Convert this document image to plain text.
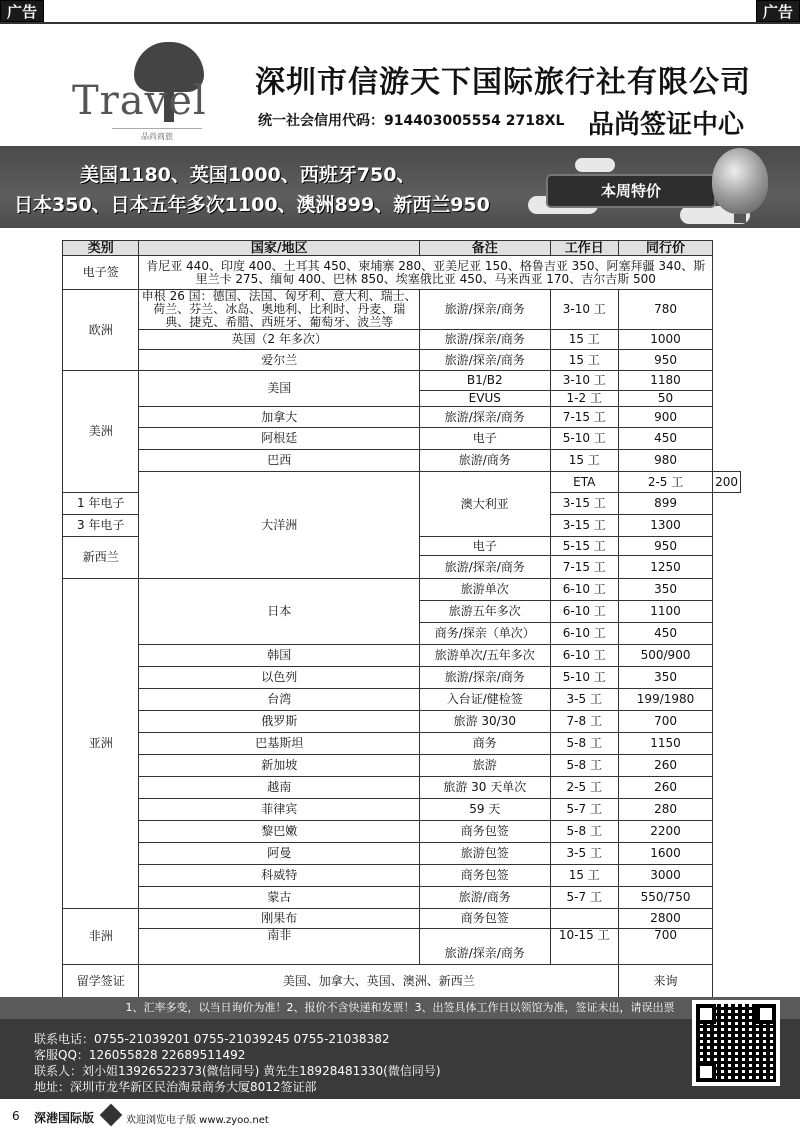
广告	广告
Travel
品尚商旅
深圳市信游天下国际旅行社有限公司
统一社会信用代码：914403005554 2718XL 品尚签证中心
美国1180、英国1000、西班牙750、
日本350、日本五年多次1100、澳洲899、新西兰950
本周特价
类别	国家/地区	备注	工作日	同行价	
电子签	肯尼亚 440、印度 400、土耳其 450、柬埔寨 280、亚美尼亚 150、格鲁吉亚 350、阿塞拜疆 340、斯里兰卡 275、缅甸 400、巴林 850、埃塞俄比亚 450、马来西亚 170、吉尔吉斯 500				
欧洲	申根 26 国：德国、法国、匈牙利、意大利、瑞士、荷兰、芬兰、冰岛、奥地利、比利时、丹麦、瑞典、捷克、希腊、西班牙、葡萄牙、波兰等	旅游/探亲/商务	3-10 工	780	
	英国（2 年多次）	旅游/探亲/商务	15 工	1000	
	爱尔兰	旅游/探亲/商务	15 工	950	
美洲	美国	B1/B2	3-10 工	1180	
		EVUS	1-2 工	50	
	加拿大	旅游/探亲/商务	7-15 工	900	
	阿根廷	电子	5-10 工	450	
	巴西	旅游/商务	15 工	980	
	大洋洲	澳大利亚	ETA	2-5 工	200
1 年电子			3-15 工	899	
3 年电子			3-15 工	1300	
新西兰		电子	5-15 工	950	
		旅游/探亲/商务	7-15 工	1250	
亚洲	日本	旅游单次	6-10 工	350	
		旅游五年多次	6-10 工	1100	
		商务/探亲（单次）	6-10 工	450	
	韩国	旅游单次/五年多次	6-10 工	500/900	
	以色列	旅游/探亲/商务	5-10 工	350	
	台湾	入台证/健检签	3-5 工	199/1980	
	俄罗斯	旅游 30/30	7-8 工	700	
	巴基斯坦	商务	5-8 工	1150	
	新加坡	旅游	5-8 工	260	
	越南	旅游 30 天单次	2-5 工	260	
	菲律宾	59 天	5-7 工	280	
	黎巴嫩	商务包签	5-8 工	2200	
	阿曼	旅游包签	3-5 工	1600	
	科威特	商务包签	15 工	3000	
	蒙古	旅游/商务	5-7 工	550/750	
非洲	刚果布	商务包签		2800	
	南非	旅游/探亲/商务	10-15 工	700	
留学签证	美国、加拿大、英国、澳洲、新西兰			来询	
1、汇率多变，以当日询价为准！2、报价不含快递和发票！3、出签具体工作日以领馆为准，签证未出，请误出票
联系电话：0755-21039201 0755-21039245 0755-21038382
客服QQ：126055828 22689511492
联系人：刘小姐13926522373(微信同号) 黄先生18928481330(微信同号)
地址：深圳市龙华新区民治淘景商务大厦8012签证部
6 深港国际版	欢迎浏览电子版 www.zyoo.net
